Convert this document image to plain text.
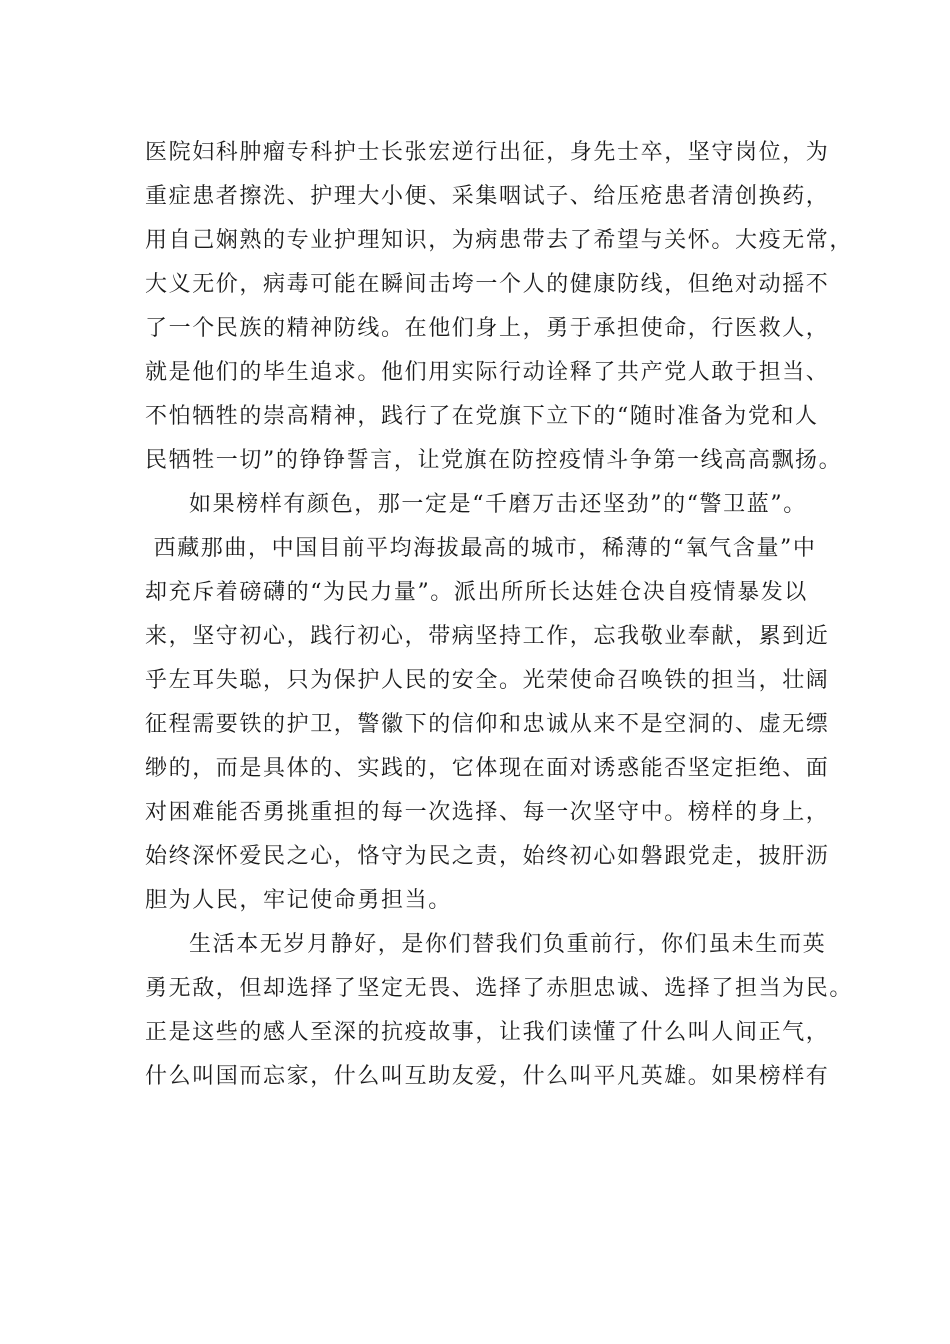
医院妇科肿瘤专科护士长张宏逆行出征，身先士卒，坚守岗位，为
重症患者擦洗、护理大小便、采集咽试子、给压疮患者清创换药，
用自己娴熟的专业护理知识，为病患带去了希望与关怀。大疫无常，
大义无价，病毒可能在瞬间击垮一个人的健康防线，但绝对动摇不
了一个民族的精神防线。在他们身上，勇于承担使命，行医救人，
就是他们的毕生追求。他们用实际行动诠释了共产党人敢于担当、
不怕牺牲的崇高精神，践行了在党旗下立下的“随时准备为党和人
民牺牲一切”的铮铮誓言，让党旗在防控疫情斗争第一线高高飘扬。
如果榜样有颜色，那一定是“千磨万击还坚劲”的“警卫蓝”。
西藏那曲，中国目前平均海拔最高的城市，稀薄的“氧气含量”中
却充斥着磅礴的“为民力量”。派出所所长达娃仓决自疫情暴发以
来，坚守初心，践行初心，带病坚持工作，忘我敬业奉献，累到近
乎左耳失聪，只为保护人民的安全。光荣使命召唤铁的担当，壮阔
征程需要铁的护卫，警徽下的信仰和忠诚从来不是空洞的、虚无缥
缈的，而是具体的、实践的，它体现在面对诱惑能否坚定拒绝、面
对困难能否勇挑重担的每一次选择、每一次坚守中。榜样的身上，
始终深怀爱民之心，恪守为民之责，始终初心如磐跟党走，披肝沥
胆为人民，牢记使命勇担当。
生活本无岁月静好，是你们替我们负重前行，你们虽未生而英
勇无敌，但却选择了坚定无畏、选择了赤胆忠诚、选择了担当为民。
正是这些的感人至深的抗疫故事，让我们读懂了什么叫人间正气，
什么叫国而忘家，什么叫互助友爱，什么叫平凡英雄。如果榜样有
